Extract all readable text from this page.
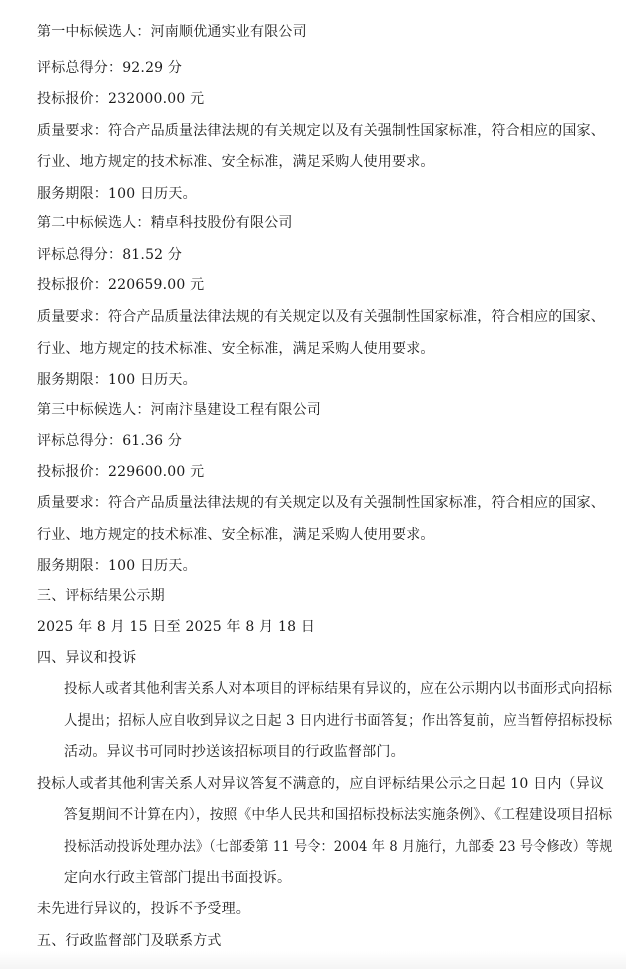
第一中标候选人：河南顺优通实业有限公司
评标总得分：92.29 分
投标报价：232000.00 元
质量要求：符合产品质量法律法规的有关规定以及有关强制性国家标准，符合相应的国家、
行业、地方规定的技术标准、安全标准，满足采购人使用要求。
服务期限：100 日历天。
第二中标候选人：精卓科技股份有限公司
评标总得分：81.52 分
投标报价：220659.00 元
质量要求：符合产品质量法律法规的有关规定以及有关强制性国家标准，符合相应的国家、
行业、地方规定的技术标准、安全标准，满足采购人使用要求。
服务期限：100 日历天。
第三中标候选人：河南汴垦建设工程有限公司
评标总得分：61.36 分
投标报价：229600.00 元
质量要求：符合产品质量法律法规的有关规定以及有关强制性国家标准，符合相应的国家、
行业、地方规定的技术标准、安全标准，满足采购人使用要求。
服务期限：100 日历天。
三、评标结果公示期
2025 年 8 月 15 日至 2025 年 8 月 18 日
四、异议和投诉
投标人或者其他利害关系人对本项目的评标结果有异议的，应在公示期内以书面形式向招标
人提出；招标人应自收到异议之日起 3 日内进行书面答复；作出答复前，应当暂停招标投标
活动。异议书可同时抄送该招标项目的行政监督部门。
投标人或者其他利害关系人对异议答复不满意的，应自评标结果公示之日起 10 日内（异议
答复期间不计算在内），按照《中华人民共和国招标投标法实施条例》、《工程建设项目招标
投标活动投诉处理办法》（七部委第 11 号令：2004 年 8 月施行，九部委 23 号令修改）等规
定向水行政主管部门提出书面投诉。
未先进行异议的，投诉不予受理。
五、行政监督部门及联系方式
